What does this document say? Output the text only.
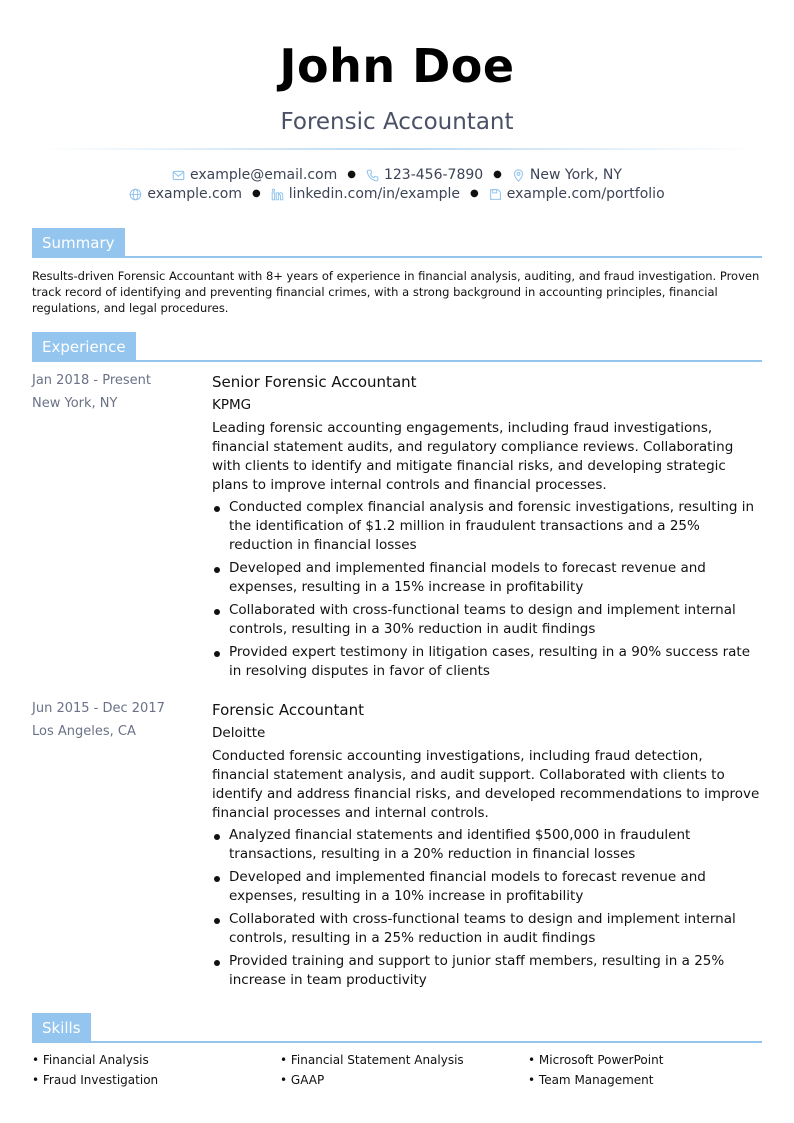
John Doe
Forensic Accountant
example@email.com ● 123-456-7890 ● New York, NY
example.com ● linkedin.com/in/example ● example.com/portfolio
Summary
Results-driven Forensic Accountant with 8+ years of experience in financial analysis, auditing, and fraud investigation. Proven track record of identifying and preventing financial crimes, with a strong background in accounting principles, financial regulations, and legal procedures.
Experience
Jan 2018 - Present
New York, NY
Senior Forensic Accountant
KPMG
Leading forensic accounting engagements, including fraud investigations, financial statement audits, and regulatory compliance reviews. Collaborating with clients to identify and mitigate financial risks, and developing strategic plans to improve internal controls and financial processes.
Conducted complex financial analysis and forensic investigations, resulting in the identification of $1.2 million in fraudulent transactions and a 25% reduction in financial losses
Developed and implemented financial models to forecast revenue and expenses, resulting in a 15% increase in profitability
Collaborated with cross-functional teams to design and implement internal controls, resulting in a 30% reduction in audit findings
Provided expert testimony in litigation cases, resulting in a 90% success rate in resolving disputes in favor of clients
Jun 2015 - Dec 2017
Los Angeles, CA
Forensic Accountant
Deloitte
Conducted forensic accounting investigations, including fraud detection, financial statement analysis, and audit support. Collaborated with clients to identify and address financial risks, and developed recommendations to improve financial processes and internal controls.
Analyzed financial statements and identified $500,000 in fraudulent transactions, resulting in a 20% reduction in financial losses
Developed and implemented financial models to forecast revenue and expenses, resulting in a 10% increase in profitability
Collaborated with cross-functional teams to design and implement internal controls, resulting in a 25% reduction in audit findings
Provided training and support to junior staff members, resulting in a 25% increase in team productivity
Skills
• Financial Analysis	• Financial Statement Analysis	• Microsoft PowerPoint
• Fraud Investigation	• GAAP	• Team Management
